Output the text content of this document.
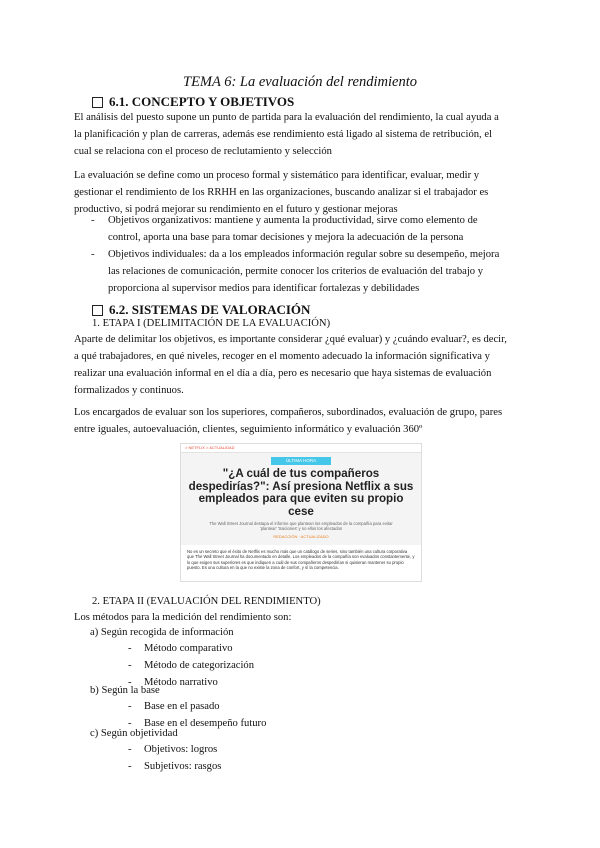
TEMA 6: La evaluación del rendimiento
6.1. CONCEPTO Y OBJETIVOS
El análisis del puesto supone un punto de partida para la evaluación del rendimiento, la cual ayuda a
la planificación y plan de carreras, además ese rendimiento está ligado al sistema de retribución, el
cual se relaciona con el proceso de reclutamiento y selección
La evaluación se define como un proceso formal y sistemático para identificar, evaluar, medir y
gestionar el rendimiento de los RRHH en las organizaciones, buscando analizar si el trabajador es
productivo, si podrá mejorar su rendimiento en el futuro y gestionar mejoras
- Objetivos organizativos: mantiene y aumenta la productividad, sirve como elemento de
control, aporta una base para tomar decisiones y mejora la adecuación de la persona
- Objetivos individuales: da a los empleados información regular sobre su desempeño, mejora
las relaciones de comunicación, permite conocer los criterios de evaluación del trabajo y
proporciona al supervisor medios para identificar fortalezas y debilidades
6.2. SISTEMAS DE VALORACIÓN
1. ETAPA I (DELIMITACIÓN DE LA EVALUACIÓN)
Aparte de delimitar los objetivos, es importante considerar ¿qué evaluar) y ¿cuándo evaluar?, es decir,
a qué trabajadores, en qué niveles, recoger en el momento adecuado la información significativa y
realizar una evaluación informal en el día a día, pero es necesario que haya sistemas de evaluación
formalizados y continuos.
Los encargados de evaluar son los superiores, compañeros, subordinados, evaluación de grupo, pares
entre iguales, autoevaluación, clientes, seguimiento informático y evaluación 360º
> NETFLIX > ACTUALIDAD
ÚLTIMA HORA
"¿A cuál de tus compañeros despedirías?": Así presiona Netflix a sus empleados para que eviten su propio cese
The Wall Street Journal destapa el informe que plantean los empleados de la compañía para evitar 'plantear' 'traiciones' y no ellos los afectados
REDACCIÓN · ACTUALIZADO
No es un secreto que el éxito de Netflix es mucho más que un catálogo de series, sino también una cultura corporativa que The Wall Street Journal ha documentado en detalle. Los empleados de la compañía son evaluados constantemente, y lo que exigen sus superiores es que indiquen a cuál de sus compañeros despedirían si quisieran mantener su propio puesto. Es una cultura en la que no existe la zona de confort, y sí la competencia.
2. ETAPA II (EVALUACIÓN DEL RENDIMIENTO)
Los métodos para la medición del rendimiento son:
a) Según recogida de información
- Método comparativo
- Método de categorización
- Método narrativo
b) Según la base
- Base en el pasado
- Base en el desempeño futuro
c) Según objetividad
- Objetivos: logros
- Subjetivos: rasgos
